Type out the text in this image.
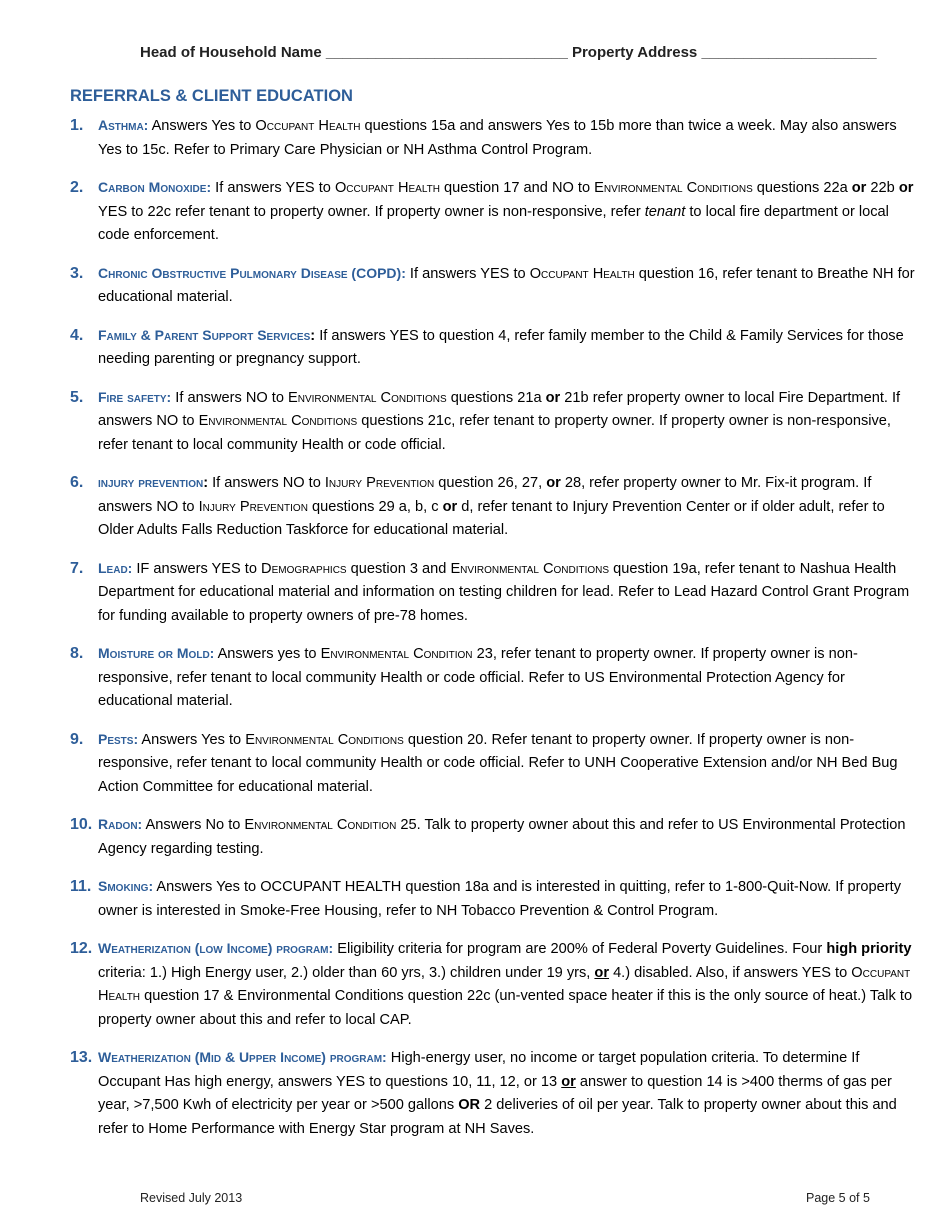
Head of Household Name _____________________________ Property Address _____________________
REFERRALS & CLIENT EDUCATION
1.	Asthma: Answers Yes to Occupant Health questions 15a and answers Yes to 15b more than twice a week. May also answers Yes to 15c. Refer to Primary Care Physician or NH Asthma Control Program.
2.	Carbon Monoxide: If answers YES to Occupant Health question 17 and NO to Environmental Conditions questions 22a or 22b or YES to 22c refer tenant to property owner. If property owner is non-responsive, refer tenant to local fire department or local code enforcement.
3.	Chronic Obstructive Pulmonary Disease (COPD): If answers YES to Occupant Health question 16, refer tenant to Breathe NH for educational material.
4.	Family & Parent Support Services: If answers YES to question 4, refer family member to the Child & Family Services for those needing parenting or pregnancy support.
5.	Fire safety: If answers NO to Environmental Conditions questions 21a or 21b refer property owner to local Fire Department. If answers NO to Environmental Conditions questions 21c, refer tenant to property owner. If property owner is non-responsive, refer tenant to local community Health or code official.
6.	injury prevention: If answers NO to Injury Prevention question 26, 27, or 28, refer property owner to Mr. Fix-it program. If answers NO to Injury Prevention questions 29 a, b, c or d, refer tenant to Injury Prevention Center or if older adult, refer to Older Adults Falls Reduction Taskforce for educational material.
7.	Lead: IF answers YES to Demographics question 3 and Environmental Conditions question 19a, refer tenant to Nashua Health Department for educational material and information on testing children for lead. Refer to Lead Hazard Control Grant Program for funding available to property owners of pre-78 homes.
8.	Moisture or Mold: Answers yes to Environmental Condition 23, refer tenant to property owner. If property owner is non-responsive, refer tenant to local community Health or code official. Refer to US Environmental Protection Agency for educational material.
9.	Pests: Answers Yes to Environmental Conditions question 20. Refer tenant to property owner. If property owner is non-responsive, refer tenant to local community Health or code official. Refer to UNH Cooperative Extension and/or NH Bed Bug Action Committee for educational material.
10. Radon: Answers No to Environmental Condition 25. Talk to property owner about this and refer to US Environmental Protection Agency regarding testing.
11. Smoking: Answers Yes to OCCUPANT HEALTH question 18a and is interested in quitting, refer to 1-800-Quit-Now. If property owner is interested in Smoke-Free Housing, refer to NH Tobacco Prevention & Control Program.
12. Weatherization (low Income) program: Eligibility criteria for program are 200% of Federal Poverty Guidelines. Four high priority criteria: 1.) High Energy user, 2.) older than 60 yrs, 3.) children under 19 yrs, or 4.) disabled. Also, if answers YES to Occupant Health question 17 & Environmental Conditions question 22c (un-vented space heater if this is the only source of heat.) Talk to property owner about this and refer to local CAP.
13. Weatherization (Mid & Upper Income) program: High-energy user, no income or target population criteria. To determine If Occupant Has high energy, answers YES to questions 10, 11, 12, or 13 or answer to question 14 is >400 therms of gas per year, >7,500 Kwh of electricity per year or >500 gallons OR 2 deliveries of oil per year. Talk to property owner about this and refer to Home Performance with Energy Star program at NH Saves.
Revised July 2013	Page 5 of 5
